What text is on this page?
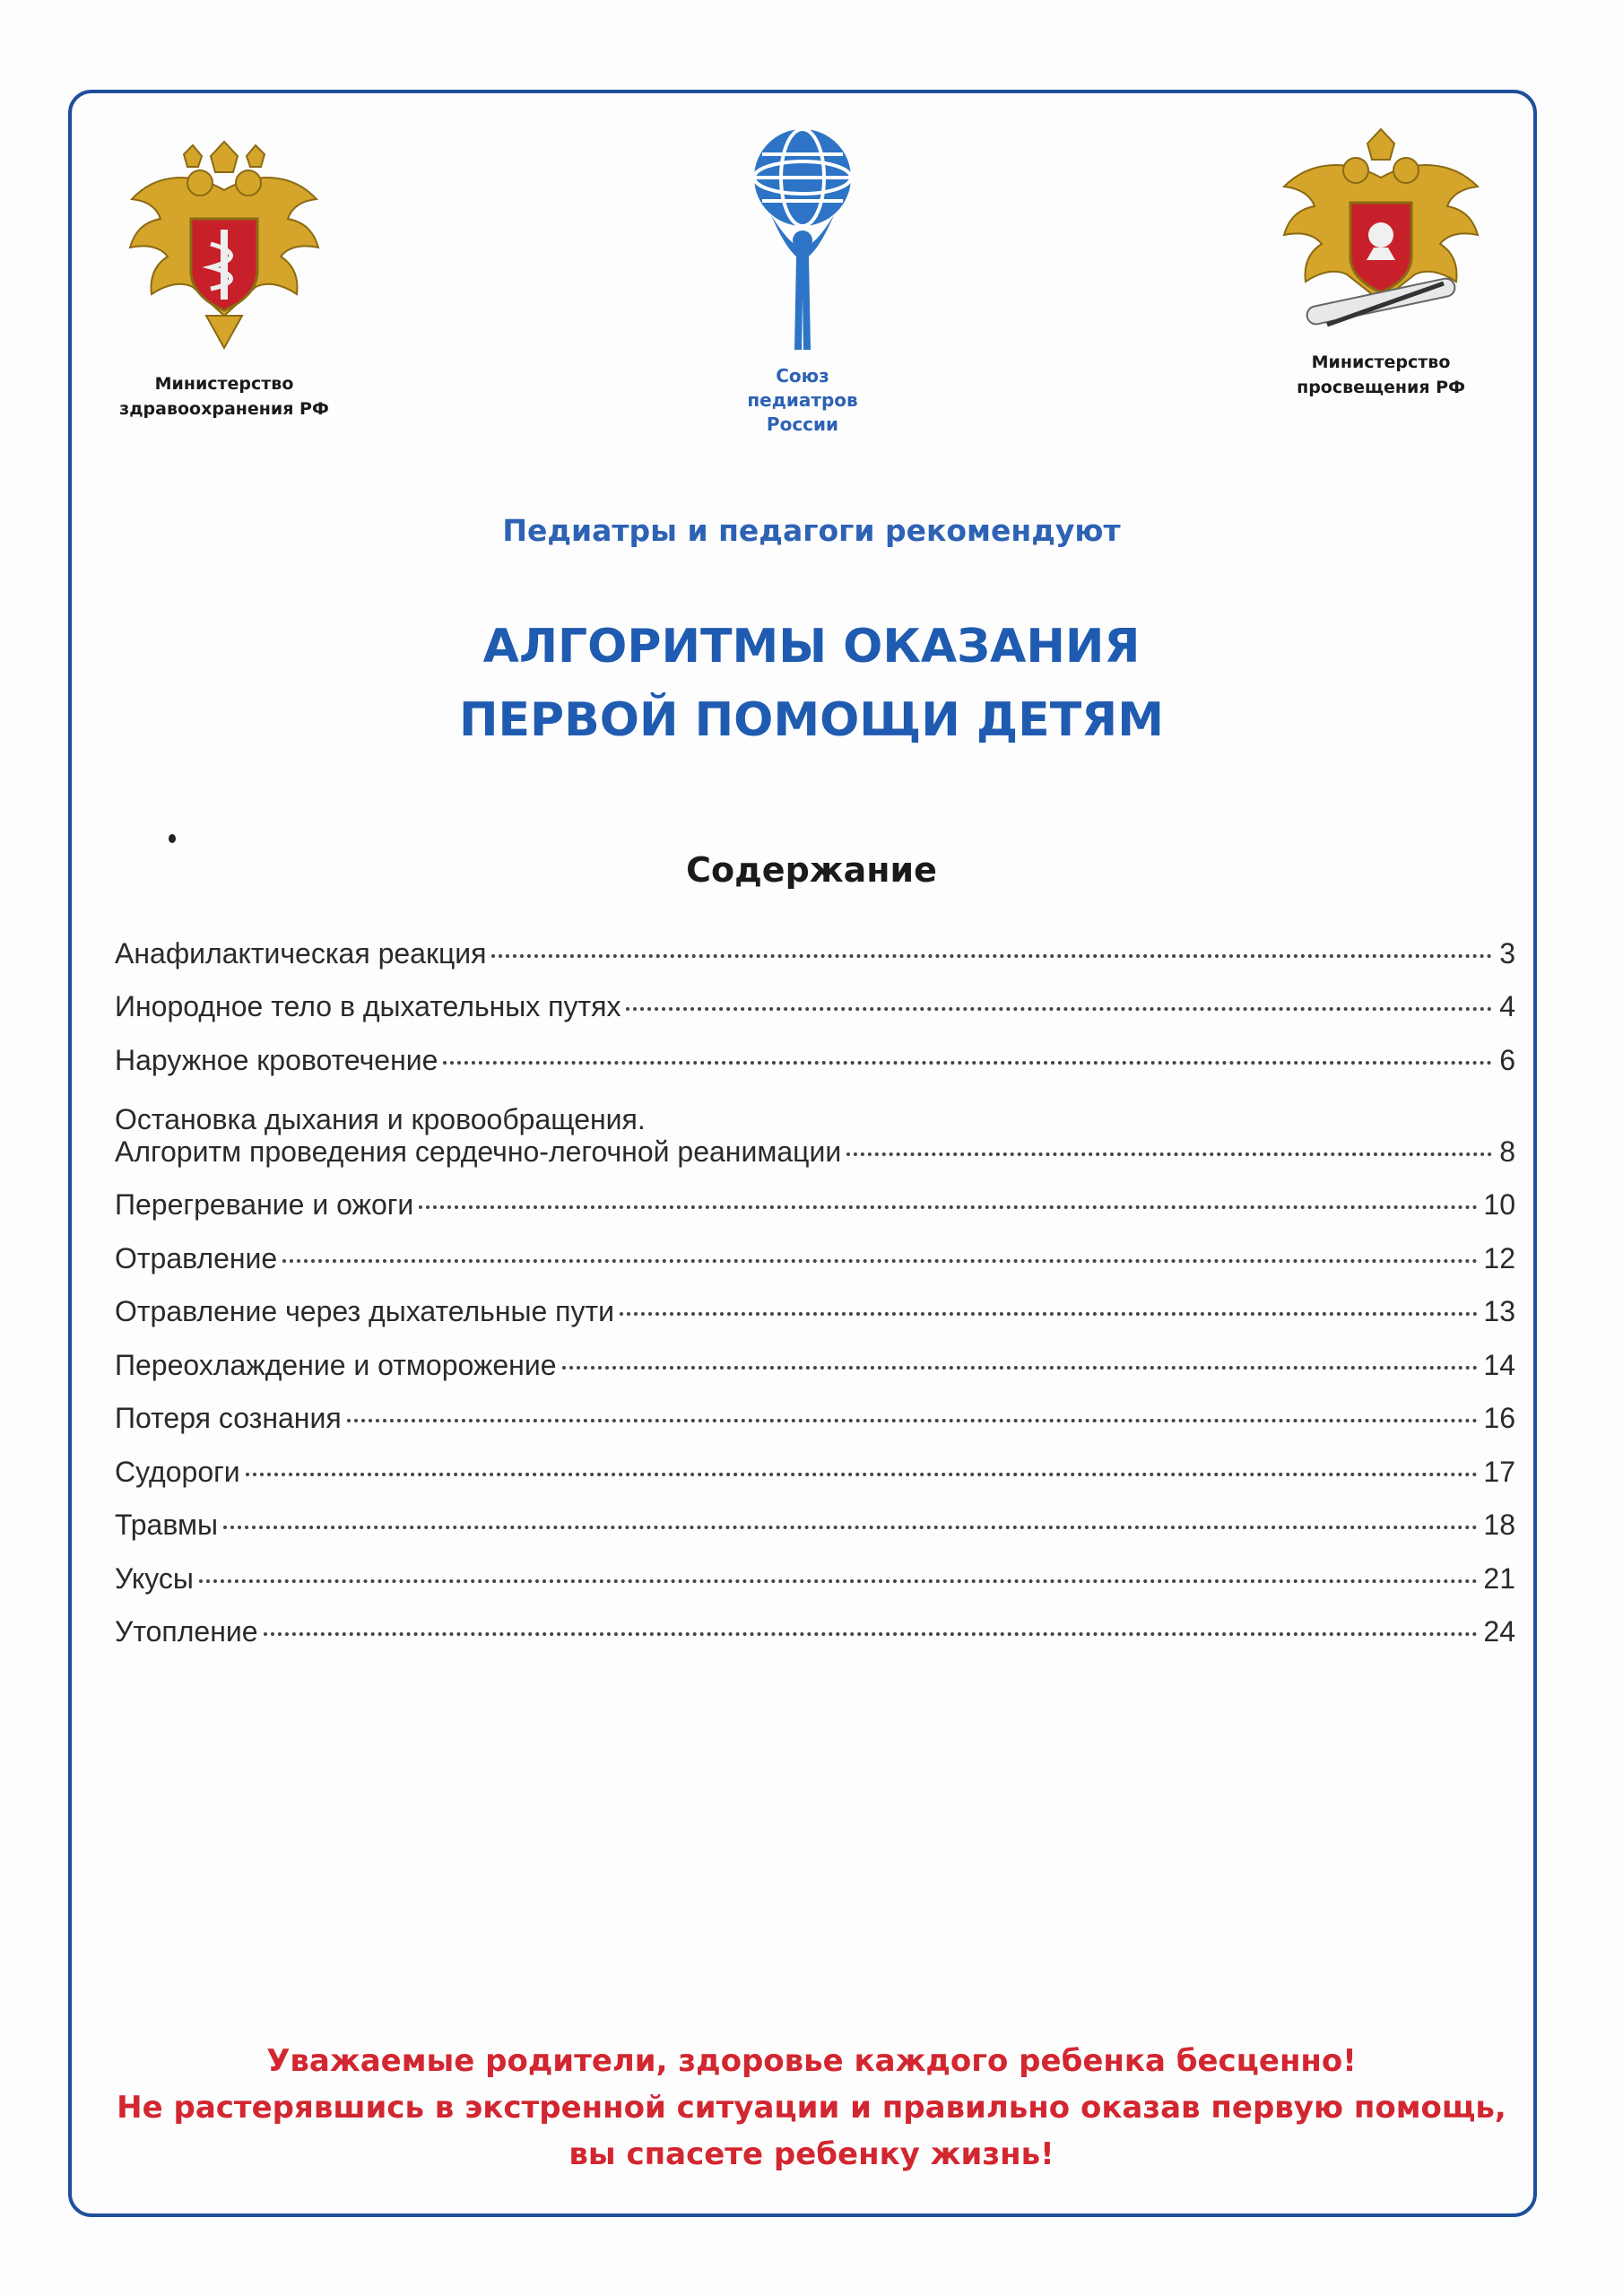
Министерство
здравоохранения РФ
Союз
педиатров
России
Министерство
просвещения РФ
Педиатры и педагоги рекомендуют
АЛГОРИТМЫ ОКАЗАНИЯ
ПЕРВОЙ ПОМОЩИ ДЕТЯМ
Содержание
Анафилактическая реакция	3
Инородное тело в дыхательных путях	4
Наружное кровотечение	6
Остановка дыхания и кровообращения.
Алгоритм проведения сердечно-легочной реанимации	8
Перегревание и ожоги	10
Отравление	12
Отравление через дыхательные пути	13
Переохлаждение и отморожение	14
Потеря сознания	16
Судороги	17
Травмы	18
Укусы	21
Утопление	24
Уважаемые родители, здоровье каждого ребенка бесценно!
Не растерявшись в экстренной ситуации и правильно оказав первую помощь,
вы спасете ребенку жизнь!
